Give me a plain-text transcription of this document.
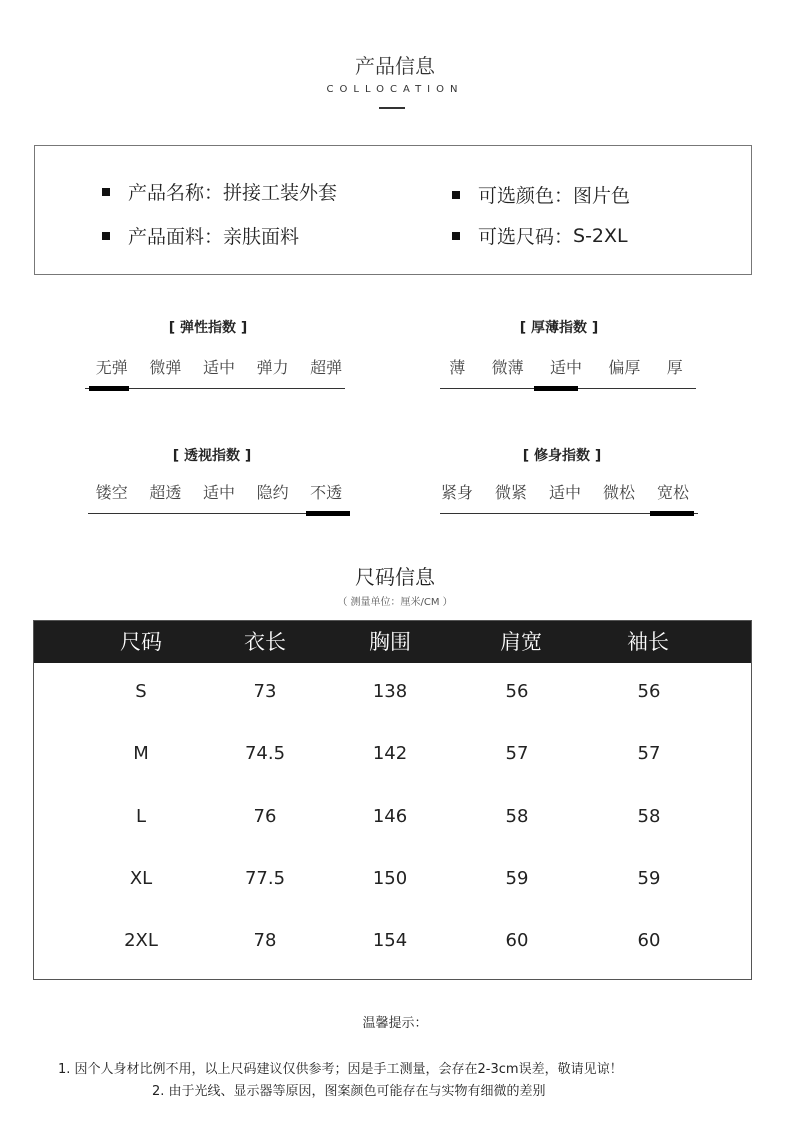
产品信息
COLLOCATION
产品名称： 拼接工装外套	可选颜色： 图片色
产品面料： 亲肤面料	可选尺码： S-2XL
[ 弹性指数 ]
无弹 微弹 适中 弹力 超弹
[ 厚薄指数 ]
薄 微薄 适中 偏厚 厚
[ 透视指数 ]
镂空 超透 适中 隐约 不透
[ 修身指数 ]
紧身 微紧 适中 微松 宽松
尺码信息
（ 测量单位：厘米/CM ）
尺码	衣长	胸围	肩宽	袖长
S	73	138	56	56
M	74.5	142	57	57
L	76	146	58	58
XL	77.5	150	59	59
2XL	78	154	60	60
温馨提示：
1. 因个人身材比例不用，以上尺码建议仅供参考；因是手工测量，会存在2-3cm误差，敬请见谅！
2. 由于光线、显示器等原因，图案颜色可能存在与实物有细微的差别
